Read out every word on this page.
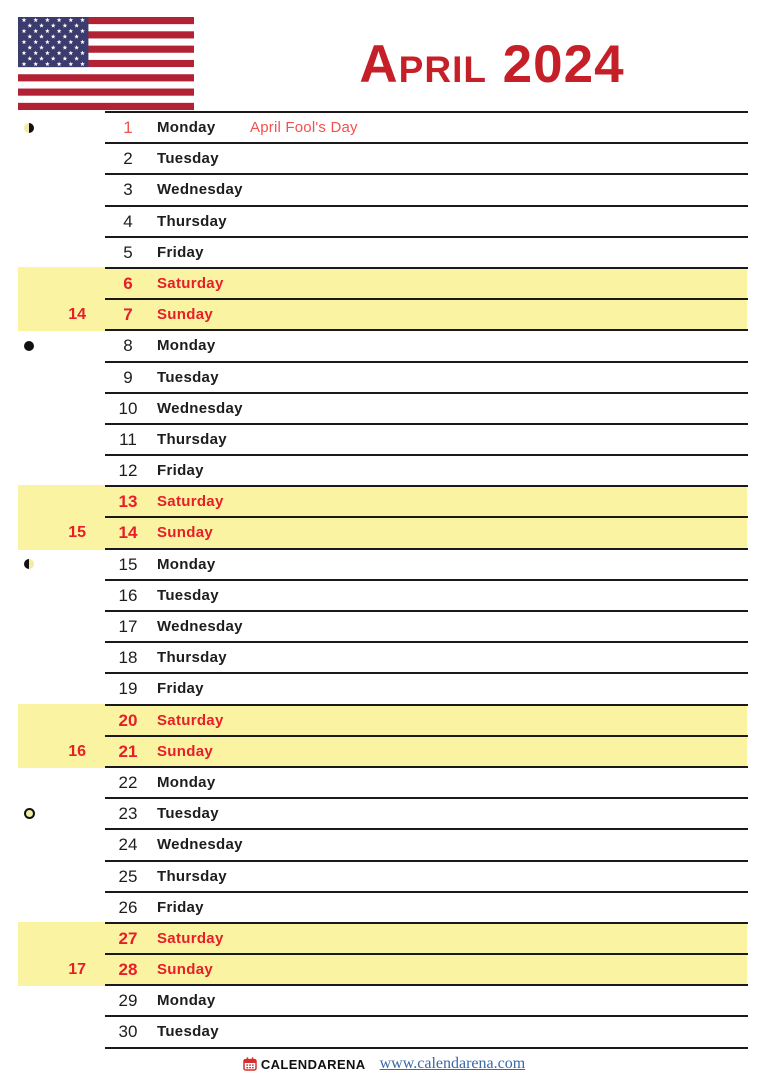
April 2024
1	Monday April Fool's Day
2	Tuesday
3	Wednesday
4	Thursday
5	Friday
6	Saturday
14	7	Sunday
8	Monday
9	Tuesday
10	Wednesday
11	Thursday
12	Friday
13	Saturday
15	14	Sunday
15	Monday
16	Tuesday
17	Wednesday
18	Thursday
19	Friday
20	Saturday
16	21	Sunday
22	Monday
23	Tuesday
24	Wednesday
25	Thursday
26	Friday
27	Saturday
17	28	Sunday
29	Monday
30	Tuesday
CALENDARENA www.calendarena.com
